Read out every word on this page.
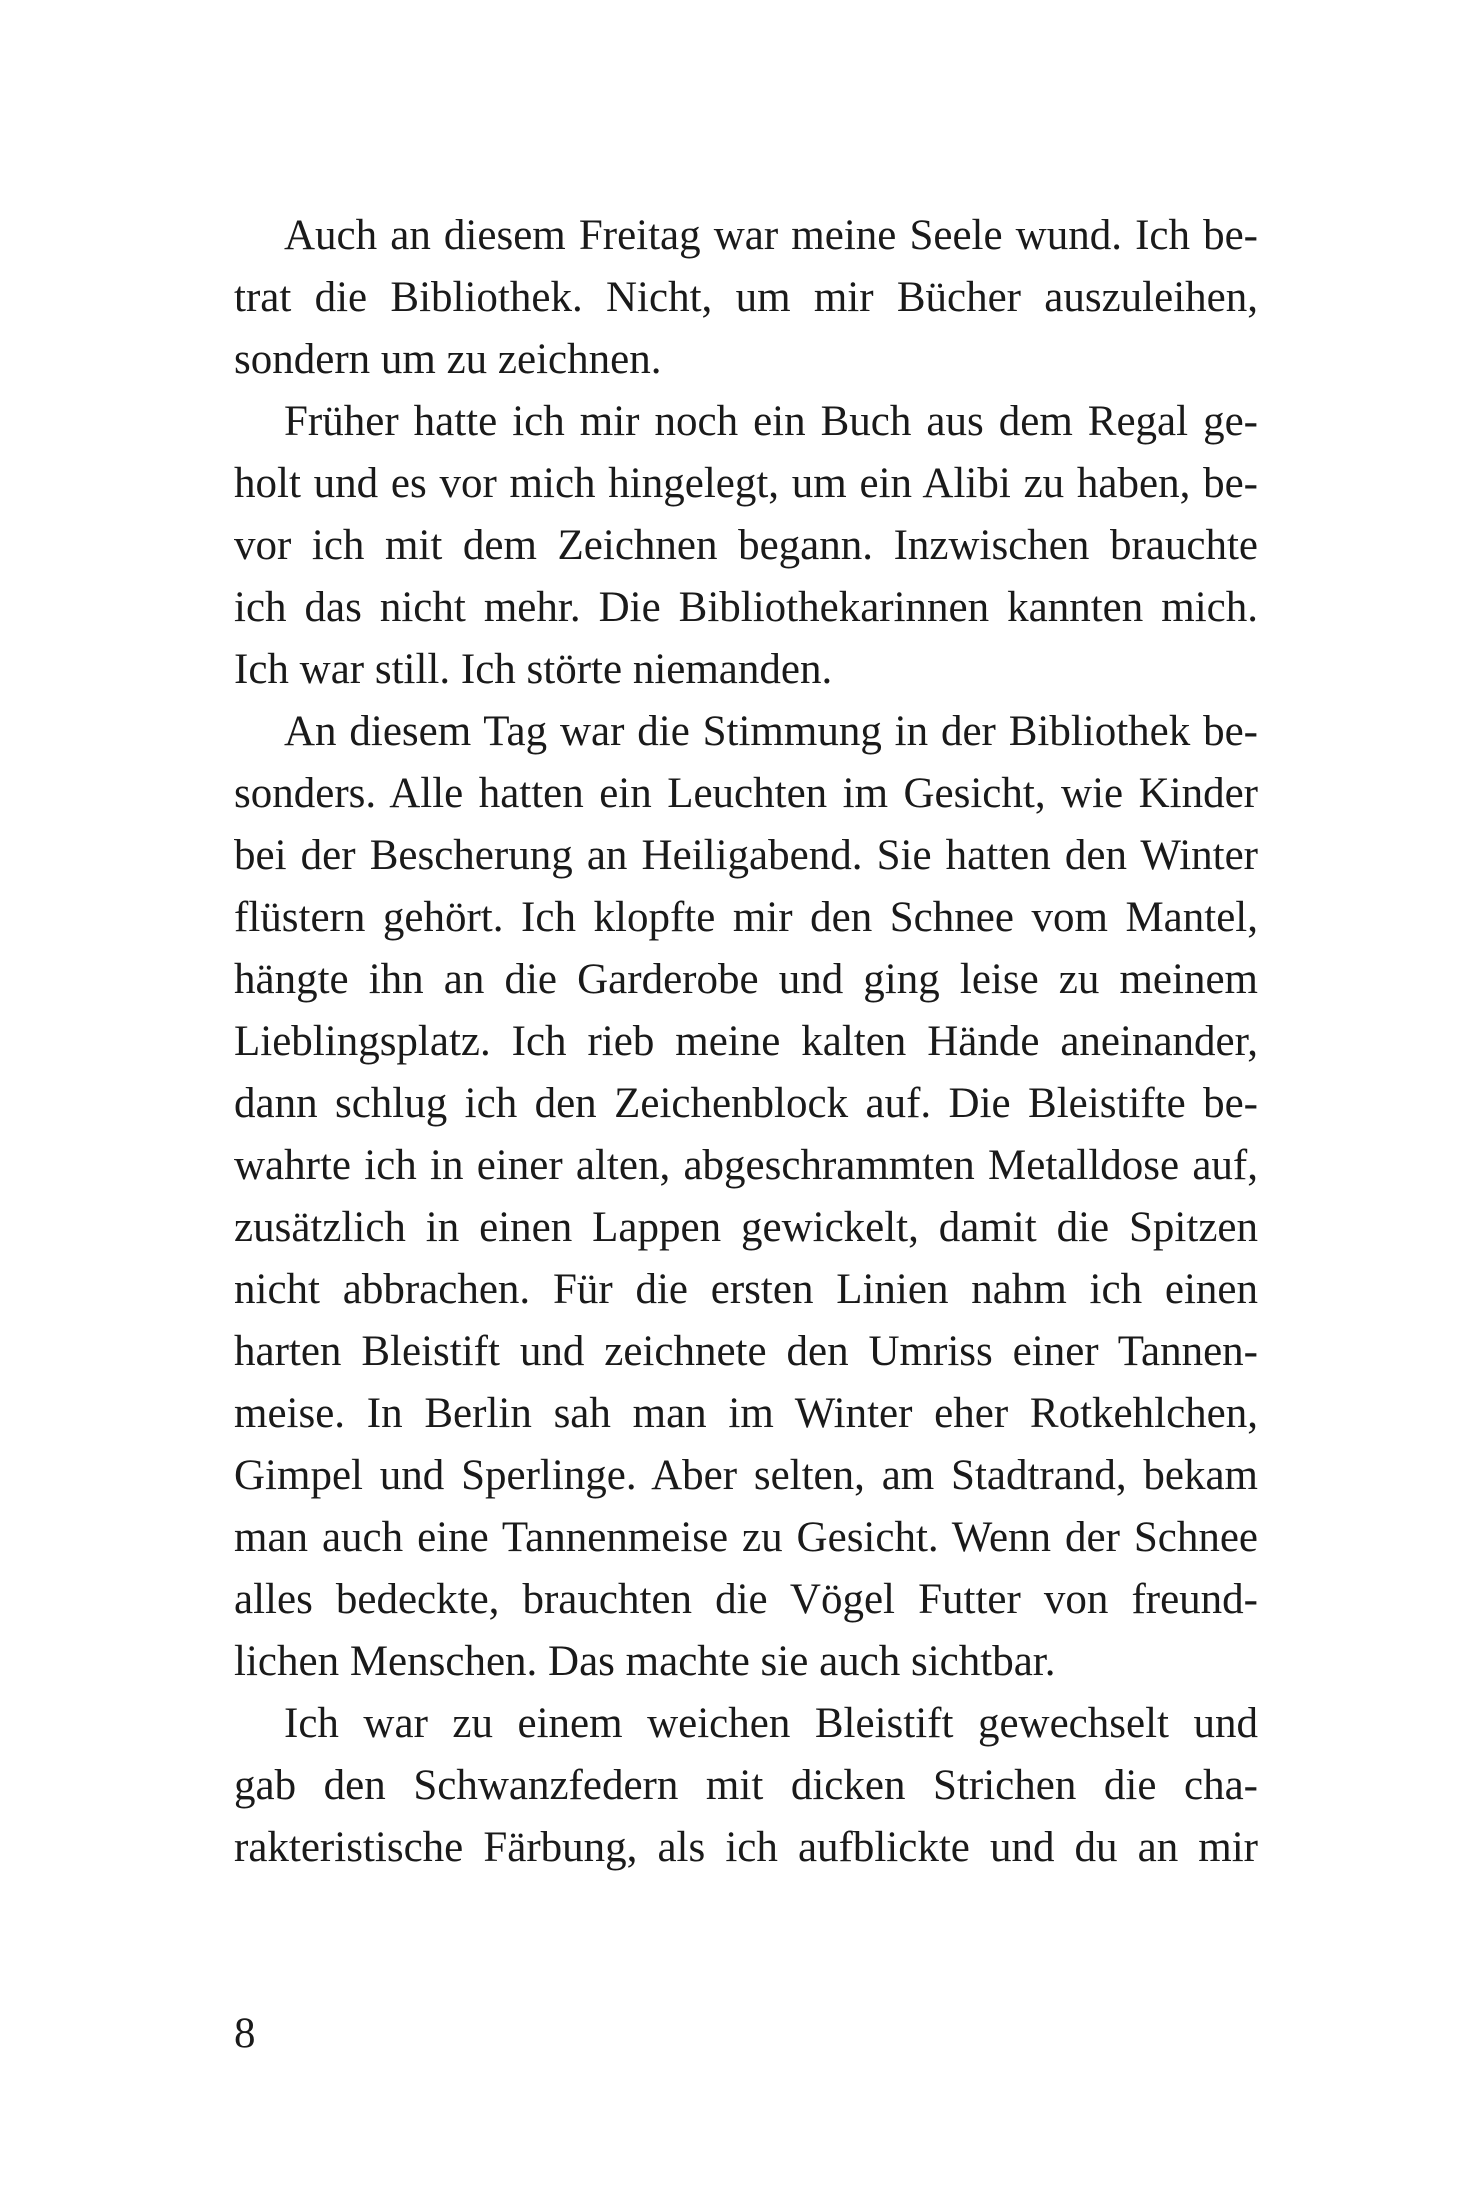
Auch an diesem Freitag war meine Seele wund. Ich be-
trat die Bibliothek. Nicht, um mir Bücher auszuleihen,
sondern um zu zeichnen.
Früher hatte ich mir noch ein Buch aus dem Regal ge-
holt und es vor mich hingelegt, um ein Alibi zu haben, be-
vor ich mit dem Zeichnen begann. Inzwischen brauchte
ich das nicht mehr. Die Bibliothekarinnen kannten mich.
Ich war still. Ich störte niemanden.
An diesem Tag war die Stimmung in der Bibliothek be-
sonders. Alle hatten ein Leuchten im Gesicht, wie Kinder
bei der Bescherung an Heiligabend. Sie hatten den Winter
flüstern gehört. Ich klopfte mir den Schnee vom Mantel,
hängte ihn an die Garderobe und ging leise zu meinem
Lieblingsplatz. Ich rieb meine kalten Hände aneinander,
dann schlug ich den Zeichenblock auf. Die Bleistifte be-
wahrte ich in einer alten, abgeschrammten Metalldose auf,
zusätzlich in einen Lappen gewickelt, damit die Spitzen
nicht abbrachen. Für die ersten Linien nahm ich einen
harten Bleistift und zeichnete den Umriss einer Tannen-
meise. In Berlin sah man im Winter eher Rotkehlchen,
Gimpel und Sperlinge. Aber selten, am Stadtrand, bekam
man auch eine Tannenmeise zu Gesicht. Wenn der Schnee
alles bedeckte, brauchten die Vögel Futter von freund-
lichen Menschen. Das machte sie auch sichtbar.
Ich war zu einem weichen Bleistift gewechselt und
gab den Schwanzfedern mit dicken Strichen die cha-
rakteristische Färbung, als ich aufblickte und du an mir
8
